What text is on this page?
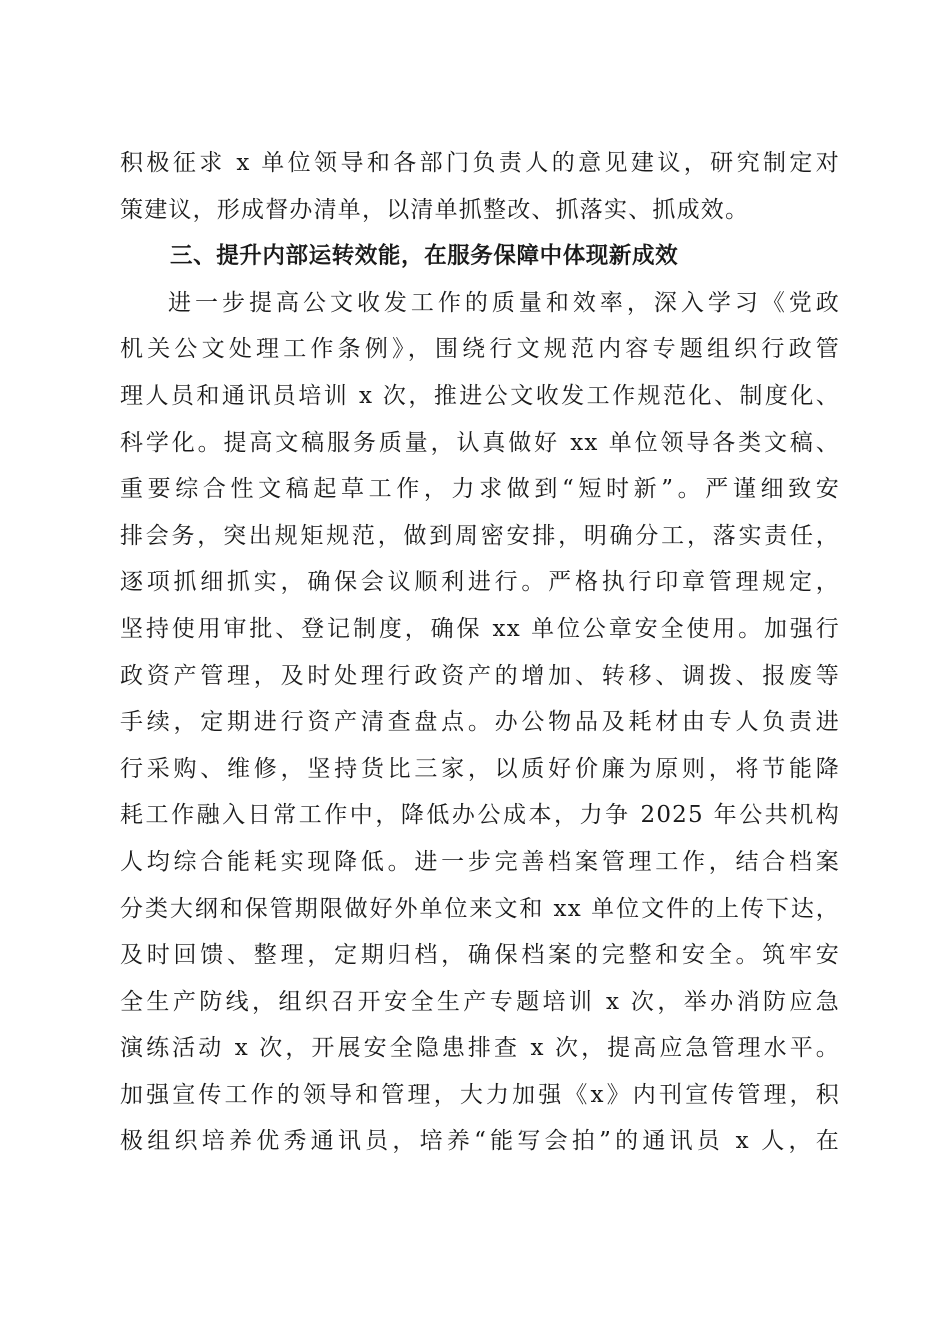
积极征求 x 单位领导和各部门负责人的意见建议，研究制定对
策建议，形成督办清单，以清单抓整改、抓落实、抓成效。
三、提升内部运转效能，在服务保障中体现新成效
进一步提高公文收发工作的质量和效率，深入学习《党政
机关公文处理工作条例》，围绕行文规范内容专题组织行政管
理人员和通讯员培训 x 次，推进公文收发工作规范化、制度化、
科学化。提高文稿服务质量，认真做好 xx 单位领导各类文稿、
重要综合性文稿起草工作，力求做到“短时新”。严谨细致安
排会务，突出规矩规范，做到周密安排，明确分工，落实责任，
逐项抓细抓实，确保会议顺利进行。严格执行印章管理规定，
坚持使用审批、登记制度，确保 xx 单位公章安全使用。加强行
政资产管理，及时处理行政资产的增加、转移、调拨、报废等
手续，定期进行资产清查盘点。办公物品及耗材由专人负责进
行采购、维修，坚持货比三家，以质好价廉为原则，将节能降
耗工作融入日常工作中，降低办公成本，力争 2025 年公共机构
人均综合能耗实现降低。进一步完善档案管理工作，结合档案
分类大纲和保管期限做好外单位来文和 xx 单位文件的上传下达，
及时回馈、整理，定期归档，确保档案的完整和安全。筑牢安
全生产防线，组织召开安全生产专题培训 x 次，举办消防应急
演练活动 x 次，开展安全隐患排查 x 次，提高应急管理水平。
加强宣传工作的领导和管理，大力加强《x》内刊宣传管理，积
极组织培养优秀通讯员，培养“能写会拍”的通讯员 x 人，在
